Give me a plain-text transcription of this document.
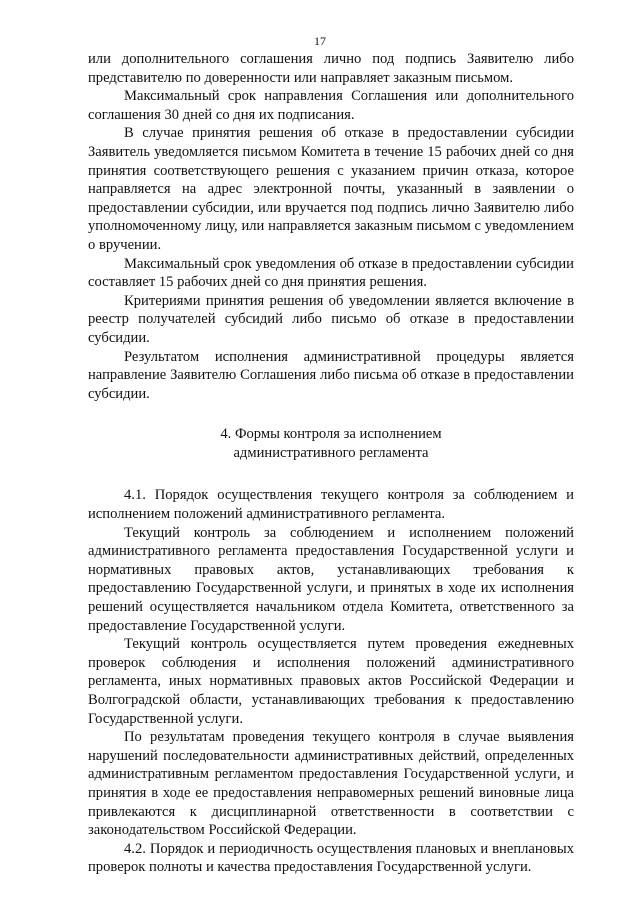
17

или дополнительного соглашения лично под подпись Заявителю либо представителю по доверенности или направляет заказным письмом.

Максимальный срок направления Соглашения или дополнительного соглашения 30 дней со дня их подписания.

В случае принятия решения об отказе в предоставлении субсидии Заявитель уведомляется письмом Комитета в течение 15 рабочих дней со дня принятия соответствующего решения с указанием причин отказа, которое направляется на адрес электронной почты, указанный в заявлении о предоставлении субсидии, или вручается под подпись лично Заявителю либо уполномоченному лицу, или направляется заказным письмом с уведомлением о вручении.

Максимальный срок уведомления об отказе в предоставлении субсидии составляет 15 рабочих дней со дня принятия решения.

Критериями принятия решения об уведомлении является включение в реестр получателей субсидий либо письмо об отказе в предоставлении субсидии.

Результатом исполнения административной процедуры является направление Заявителю Соглашения либо письма об отказе в предоставлении субсидии.

4. Формы контроля за исполнением
административного регламента

4.1. Порядок осуществления текущего контроля за соблюдением и исполнением положений административного регламента.

Текущий контроль за соблюдением и исполнением положений административного регламента предоставления Государственной услуги и нормативных правовых актов, устанавливающих требования к предоставлению Государственной услуги, и принятых в ходе их исполнения решений осуществляется начальником отдела Комитета, ответственного за предоставление Государственной услуги.

Текущий контроль осуществляется путем проведения ежедневных проверок соблюдения и исполнения положений административного регламента, иных нормативных правовых актов Российской Федерации и Волгоградской области, устанавливающих требования к предоставлению Государственной услуги.

По результатам проведения текущего контроля в случае выявления нарушений последовательности административных действий, определенных административным регламентом предоставления Государственной услуги, и принятия в ходе ее предоставления неправомерных решений виновные лица привлекаются к дисциплинарной ответственности в соответствии с законодательством Российской Федерации.

4.2. Порядок и периодичность осуществления плановых и внеплановых проверок полноты и качества предоставления Государственной услуги.
